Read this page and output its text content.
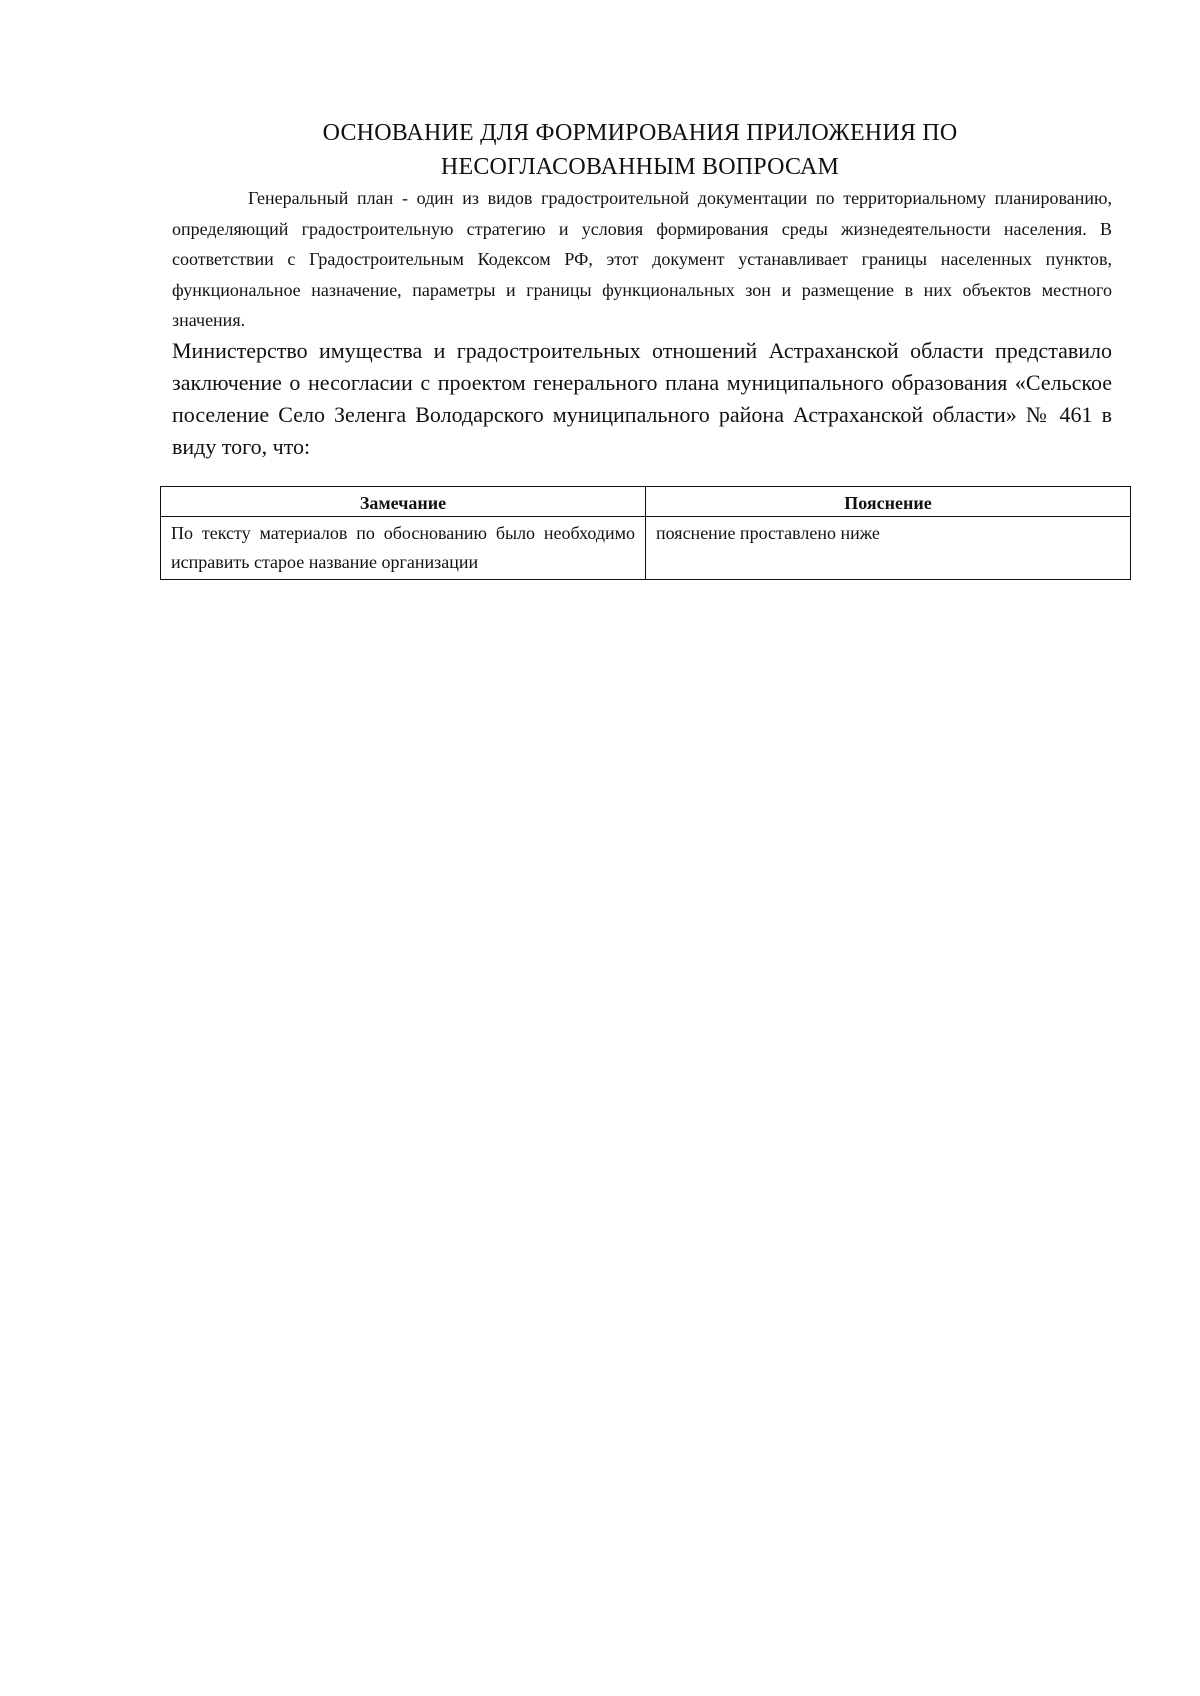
ОСНОВАНИЕ ДЛЯ ФОРМИРОВАНИЯ ПРИЛОЖЕНИЯ ПО
НЕСОГЛАСОВАННЫМ ВОПРОСАМ
Генеральный план - один из видов градостроительной документации по территориальному планированию, определяющий градостроительную стратегию и условия формирования среды жизнедеятельности населения. В соответствии с Градостроительным Кодексом РФ, этот документ устанавливает границы населенных пунктов, функциональное назначение, параметры и границы функциональных зон и размещение в них объектов местного значения.
Министерство имущества и градостроительных отношений Астраханской области представило заключение о несогласии с проектом генерального плана муниципального образования «Сельское поселение Село Зеленга Володарского муниципального района Астраханской области» № 461 в виду того, что:
Замечание	Пояснение
По тексту материалов по обоснованию было необходимо исправить старое название организации	пояснение проставлено ниже
